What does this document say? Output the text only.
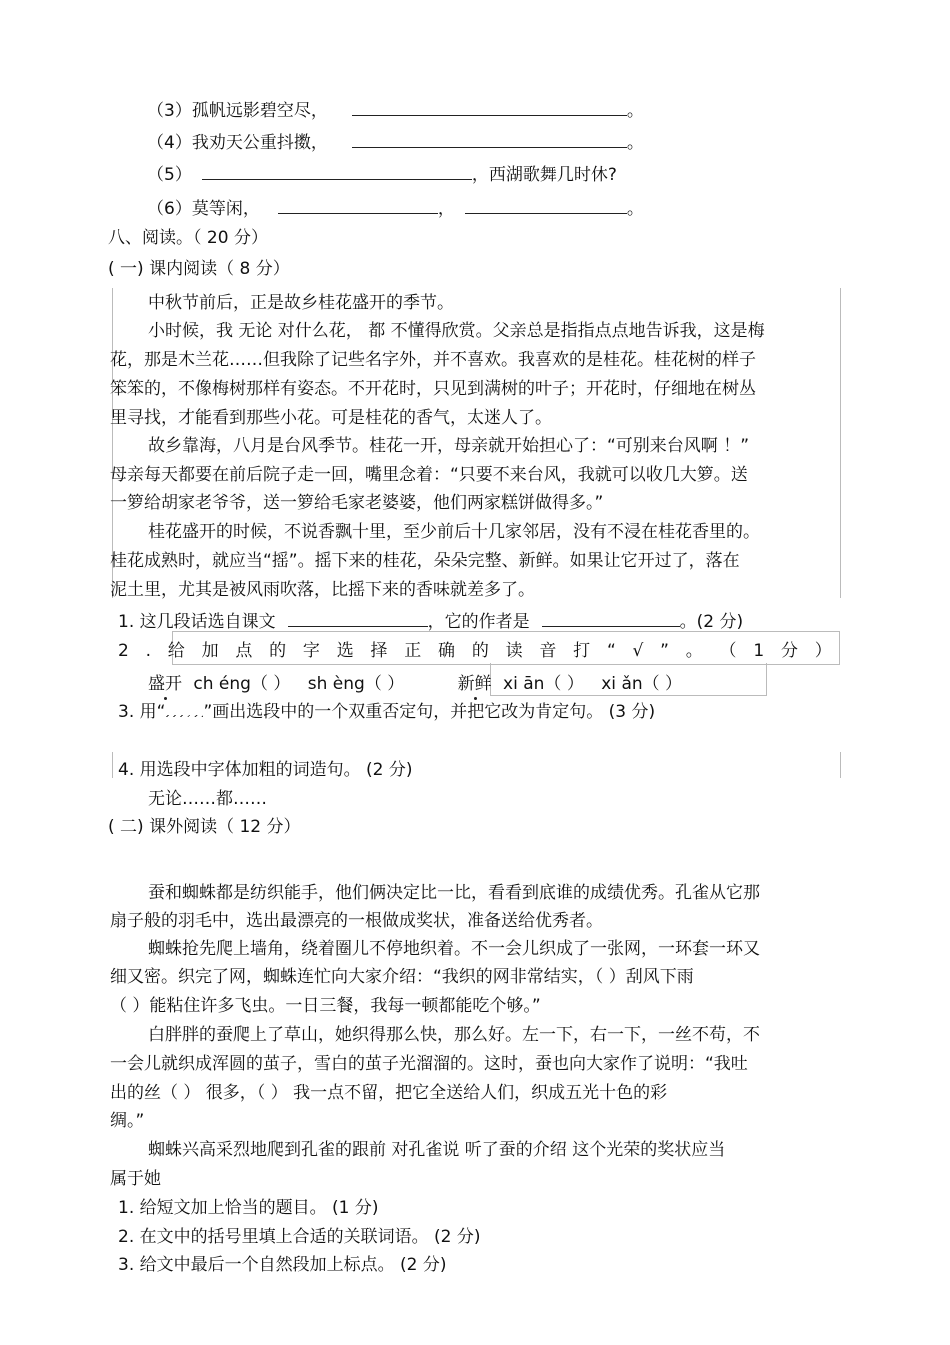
（3）孤帆远影碧空尽，	。
（4）我劝天公重抖擞，	。
（5）	，西湖歌舞几时休?
（6）莫等闲，	，	。
八、阅读。（ 20 分）
( 一) 课内阅读（ 8 分）
中秋节前后，正是故乡桂花盛开的季节。
小时候，我 无论 对什么花， 都 不懂得欣赏。父亲总是指指点点地告诉我，这是梅
花，那是木兰花……但我除了记些名字外，并不喜欢。我喜欢的是桂花。桂花树的样子
笨笨的，不像梅树那样有姿态。不开花时，只见到满树的叶子；开花时，仔细地在树丛
里寻找，才能看到那些小花。可是桂花的香气，太迷人了。
故乡靠海，八月是台风季节。桂花一开，母亲就开始担心了：“可别来台风啊 ！”
母亲每天都要在前后院子走一回，嘴里念着：“只要不来台风，我就可以收几大箩。送
一箩给胡家老爷爷，送一箩给毛家老婆婆，他们两家糕饼做得多。”
桂花盛开的时候，不说香飘十里，至少前后十几家邻居，没有不浸在桂花香里的。
桂花成熟时，就应当“摇”。摇下来的桂花，朵朵完整、新鲜。如果让它开过了，落在
泥土里，尤其是被风雨吹落，比摇下来的香味就差多了。
1. 这几段话选自课文	，它的作者是	。(2 分)
2 . 给 加 点 的 字 选 择 正 确 的 读 音 打 “ √ ” 。 （ 1 分 ）
盛开 ch éng（ ） sh èng（ ）	新鲜 xi ān（ ） xi ǎn（ ）
3. 用“ ”画出选段中的一个双重否定句，并把它改为肯定句。 (3 分)
4. 用选段中字体加粗的词造句。 (2 分)
无论……都……
( 二) 课外阅读（ 12 分）
蚕和蜘蛛都是纺织能手，他们俩决定比一比，看看到底谁的成绩优秀。孔雀从它那
扇子般的羽毛中，选出最漂亮的一根做成奖状，准备送给优秀者。
蜘蛛抢先爬上墙角，绕着圈儿不停地织着。不一会儿织成了一张网，一环套一环又
细又密。织完了网，蜘蛛连忙向大家介绍：“我织的网非常结实，（ ）刮风下雨
（ ）能粘住许多飞虫。一日三餐，我每一顿都能吃个够。”
白胖胖的蚕爬上了草山，她织得那么快，那么好。左一下，右一下，一丝不苟，不
一会儿就织成浑圆的茧子，雪白的茧子光溜溜的。这时，蚕也向大家作了说明：“我吐
出的丝（ ） 很多，（ ） 我一点不留，把它全送给人们，织成五光十色的彩
绸。”
蜘蛛兴高采烈地爬到孔雀的跟前 对孔雀说 听了蚕的介绍 这个光荣的奖状应当
属于她
1. 给短文加上恰当的题目。 (1 分)
2. 在文中的括号里填上合适的关联词语。 (2 分)
3. 给文中最后一个自然段加上标点。 (2 分)
